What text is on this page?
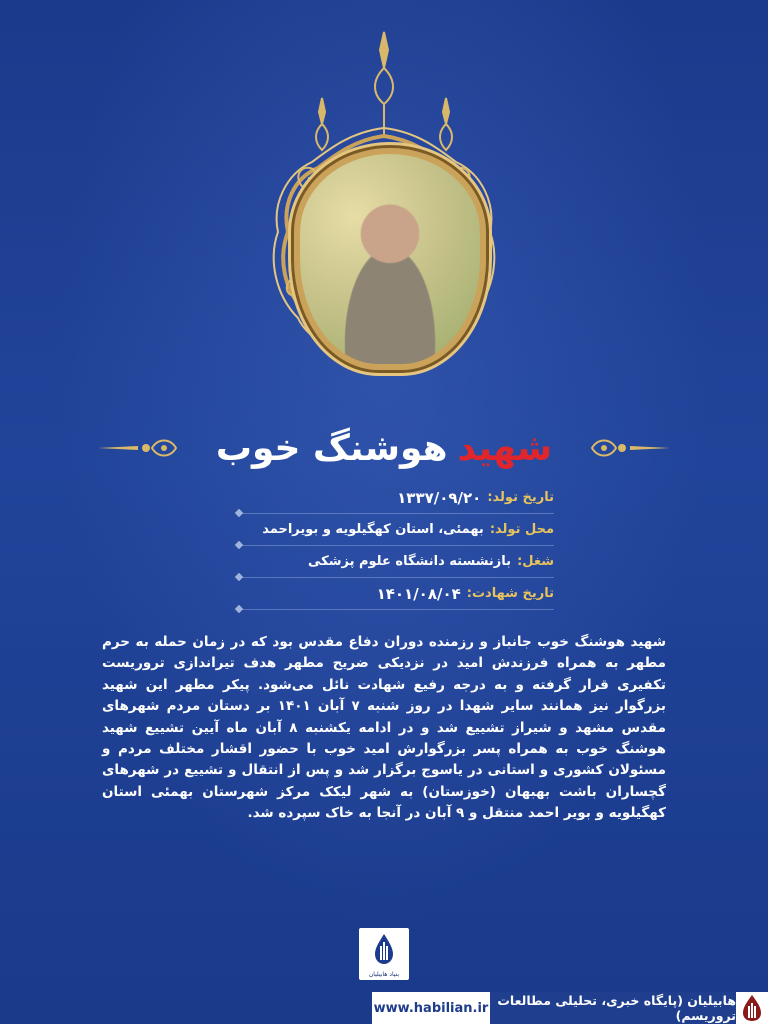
شهید
هوشنگ خوب
تاریخ تولد:
۱۳۳۷/۰۹/۲۰
محل تولد:
بهمئی، استان کهگیلویه و بویراحمد
شغل:
بازنشسته دانشگاه علوم پزشکی
تاریخ شهادت:
۱۴۰۱/۰۸/۰۴
شهید هوشنگ خوب جانباز و رزمنده دوران دفاع مقدس بود که در زمان حمله به حرم مطهر به همراه فرزندش امید در نزدیکی ضریح مطهر هدف تیراندازی تروریست تکفیری قرار گرفته و به درجه رفیع شهادت نائل می‌شود. پیکر مطهر این شهید بزرگوار نیز همانند سایر شهدا در روز شنبه ۷ آبان ۱۴۰۱ بر دستان مردم شهرهای مقدس مشهد و شیراز تشییع شد و در ادامه یکشنبه ۸ آبان ماه آیین تشییع شهید هوشنگ خوب به همراه پسر بزرگوارش امید خوب با حضور اقشار مختلف مردم و مسئولان کشوری و استانی در یاسوج برگزار شد و پس از انتقال و تشییع در شهرهای گچساران باشت بهبهان (خوزستان) به شهر لیکک مرکز شهرستان بهمئی استان کهگیلویه و بویر احمد منتقل و ۹ آبان در آنجا به خاک سپرده شد.
بنیاد هابیلیان
www.habilian.ir هابیلیان (پایگاه خبری، تحلیلی مطالعات تروریسم)
